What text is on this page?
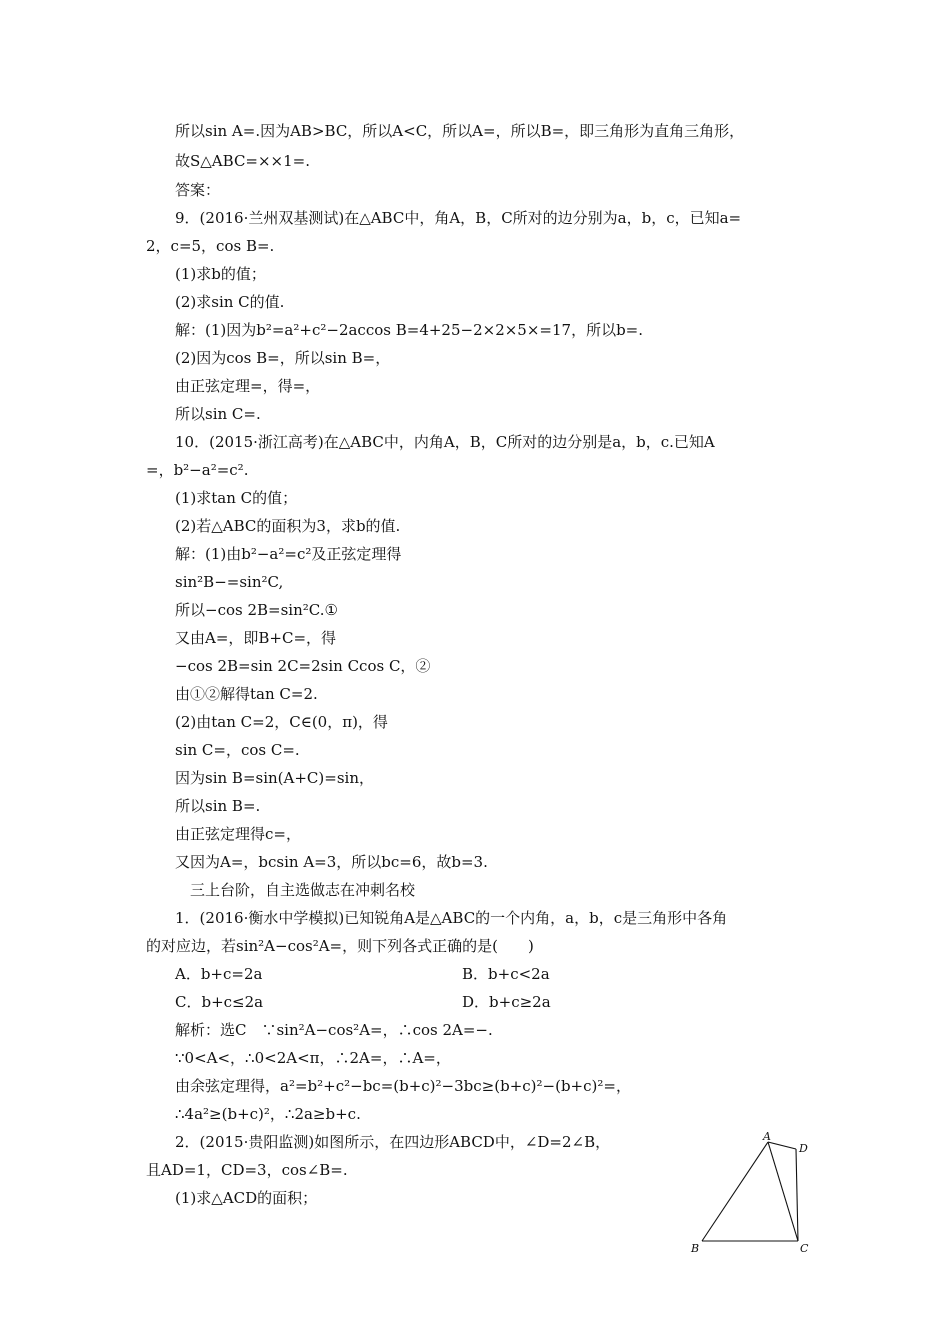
所以sin A=.因为AB>BC，所以A<C，所以A=，所以B=，即三角形为直角三角形，
故S△ABC=××1=.
答案：
9．(2016·兰州双基测试)在△ABC中，角A，B，C所对的边分别为a，b，c，已知a=
2，c=5，cos B=.
(1)求b的值；
(2)求sin C的值.
解：(1)因为b²=a²+c²−2accos B=4+25−2×2×5×=17，所以b=.
(2)因为cos B=，所以sin B=，
由正弦定理=，得=，
所以sin C=.
10．(2015·浙江高考)在△ABC中，内角A，B，C所对的边分别是a，b，c.已知A
=，b²−a²=c².
(1)求tan C的值；
(2)若△ABC的面积为3，求b的值.
解：(1)由b²−a²=c²及正弦定理得
sin²B−=sin²C,
所以−cos 2B=sin²C.①
又由A=，即B+C=，得
−cos 2B=sin 2C=2sin Ccos C，②
由①②解得tan C=2.
(2)由tan C=2，C∈(0，π)，得
sin C=，cos C=.
因为sin B=sin(A+C)=sin，
所以sin B=.
由正弦定理得c=，
又因为A=，bcsin A=3，所以bc=6，故b=3.
三上台阶，自主选做志在冲刺名校
1．(2016·衡水中学模拟)已知锐角A是△ABC的一个内角，a，b，c是三角形中各角
的对应边，若sin²A−cos²A=，则下列各式正确的是(　　)
A．b+c=2a	B．b+c<2a
C．b+c≤2a	D．b+c≥2a
解析：选C　∵sin²A−cos²A=，∴cos 2A=−.
∵0<A<，∴0<2A<π，∴2A=，∴A=，
由余弦定理得，a²=b²+c²−bc=(b+c)²−3bc≥(b+c)²−(b+c)²=，
∴4a²≥(b+c)²，∴2a≥b+c.
2．(2015·贵阳监测)如图所示，在四边形ABCD中，∠D=2∠B，
且AD=1，CD=3，cos∠B=.
(1)求△ACD的面积；
A
B	C
D
